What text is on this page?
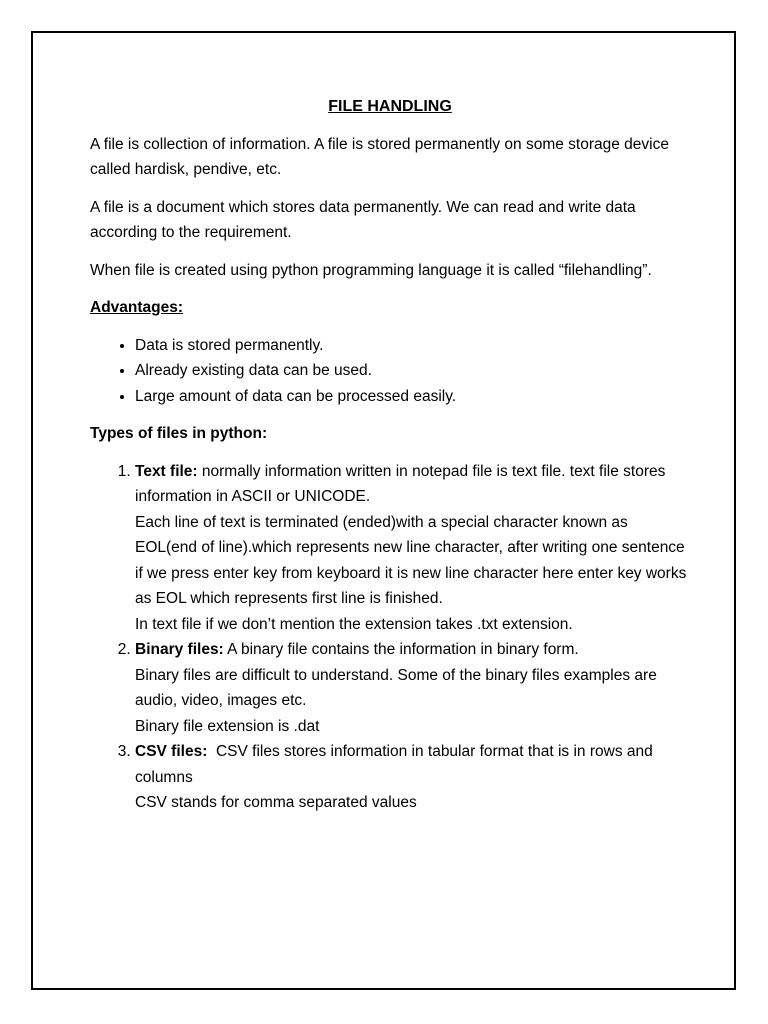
FILE HANDLING

A file is collection of information. A file is stored permanently on some storage device called hardisk, pendive, etc.

A file is a document which stores data permanently. We can read and write data according to the requirement.

When file is created using python programming language it is called “filehandling”.

Advantages:
• Data is stored permanently.
• Already existing data can be used.
• Large amount of data can be processed easily.
Types of files in python:
1. Text file: normally information written in notepad file is text file. text file stores information in ASCII or UNICODE.
Each line of text is terminated (ended)with a special character known as EOL(end of line).which represents new line character, after writing one sentence if we press enter key from keyboard it is new line character here enter key works as EOL which represents first line is finished.
In text file if we don’t mention the extension takes .txt extension.
2. Binary files: A binary file contains the information in binary form.
Binary files are difficult to understand. Some of the binary files examples are audio, video, images etc.
Binary file extension is .dat
3. CSV files:  CSV files stores information in tabular format that is in rows and columns
CSV stands for comma separated values
